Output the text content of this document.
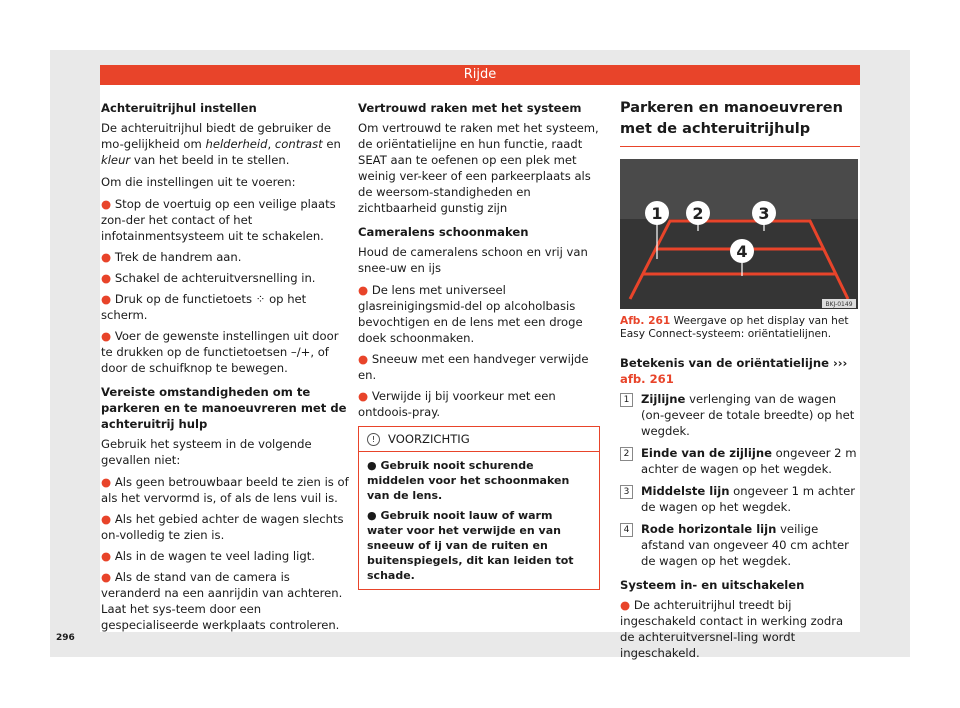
Rijde

Achteruitrijhul instellen

De achteruitrijhul biedt de gebruiker de mo-gelijkheid om helderheid, contrast en kleur van het beeld in te stellen.

Om die instellingen uit te voeren:

● Stop de voertuig op een veilige plaats zon-der het contact of het infotainmentsysteem uit te schakelen.

● Trek de handrem aan.

● Schakel de achteruitversnelling in.

● Druk op de functietoets ⁘ op het scherm.

● Voer de gewenste instellingen uit door te drukken op de functietoetsen –/+, of door de schuifknop te bewegen.

Vereiste omstandigheden om te parkeren en te manoeuvreren met de achteruitrij hulp

Gebruik het systeem in de volgende gevallen niet:

● Als geen betrouwbaar beeld te zien is of als het vervormd is, of als de lens vuil is.

● Als het gebied achter de wagen slechts on-volledig te zien is.

● Als in de wagen te veel lading ligt.

● Als de stand van de camera is veranderd na een aanrijdin van achteren. Laat het sys-teem door een gespecialiseerde werkplaats controleren.

Vertrouwd raken met het systeem

Om vertrouwd te raken met het systeem, de oriëntatielijne en hun functie, raadt SEAT aan te oefenen op een plek met weinig ver-keer of een parkeerplaats als de weersom-standigheden en zichtbaarheid gunstig zijn

Cameralens schoonmaken

Houd de cameralens schoon en vrij van snee-uw en ijs

● De lens met universeel glasreinigingsmid-del op alcoholbasis bevochtigen en de lens met een droge doek schoonmaken.

● Sneeuw met een handveger verwijde en.

● Verwijde ij bij voorkeur met een ontdoois-pray.

!	VOORZICHTIG

● Gebruik nooit schurende middelen voor het schoonmaken van de lens.

● Gebruik nooit lauw of warm water voor het verwijde en van sneeuw of ij van de ruiten en buitenspiegels, dit kan leiden tot schade.

Parkeren en manoeuvreren met de achteruitrijhulp
1 2	3
4
BKJ-0149
Afb. 261 Weergave op het display van het Easy Connect-systeem: oriëntatielijnen.

Betekenis van de oriëntatielijne ››› afb. 261

1	Zijlijne verlenging van de wagen (on-geveer de totale breedte) op het wegdek.
2	Einde van de zijlijne ongeveer 2 m achter de wagen op het wegdek.
3	Middelste lijn ongeveer 1 m achter de wagen op het wegdek.
4	Rode horizontale lijn veilige afstand van ongeveer 40 cm achter de wagen op het wegdek.

Systeem in- en uitschakelen

● De achteruitrijhul treedt bij ingeschakeld contact in werking zodra de achteruitversnel-ling wordt ingeschakeld.

296
